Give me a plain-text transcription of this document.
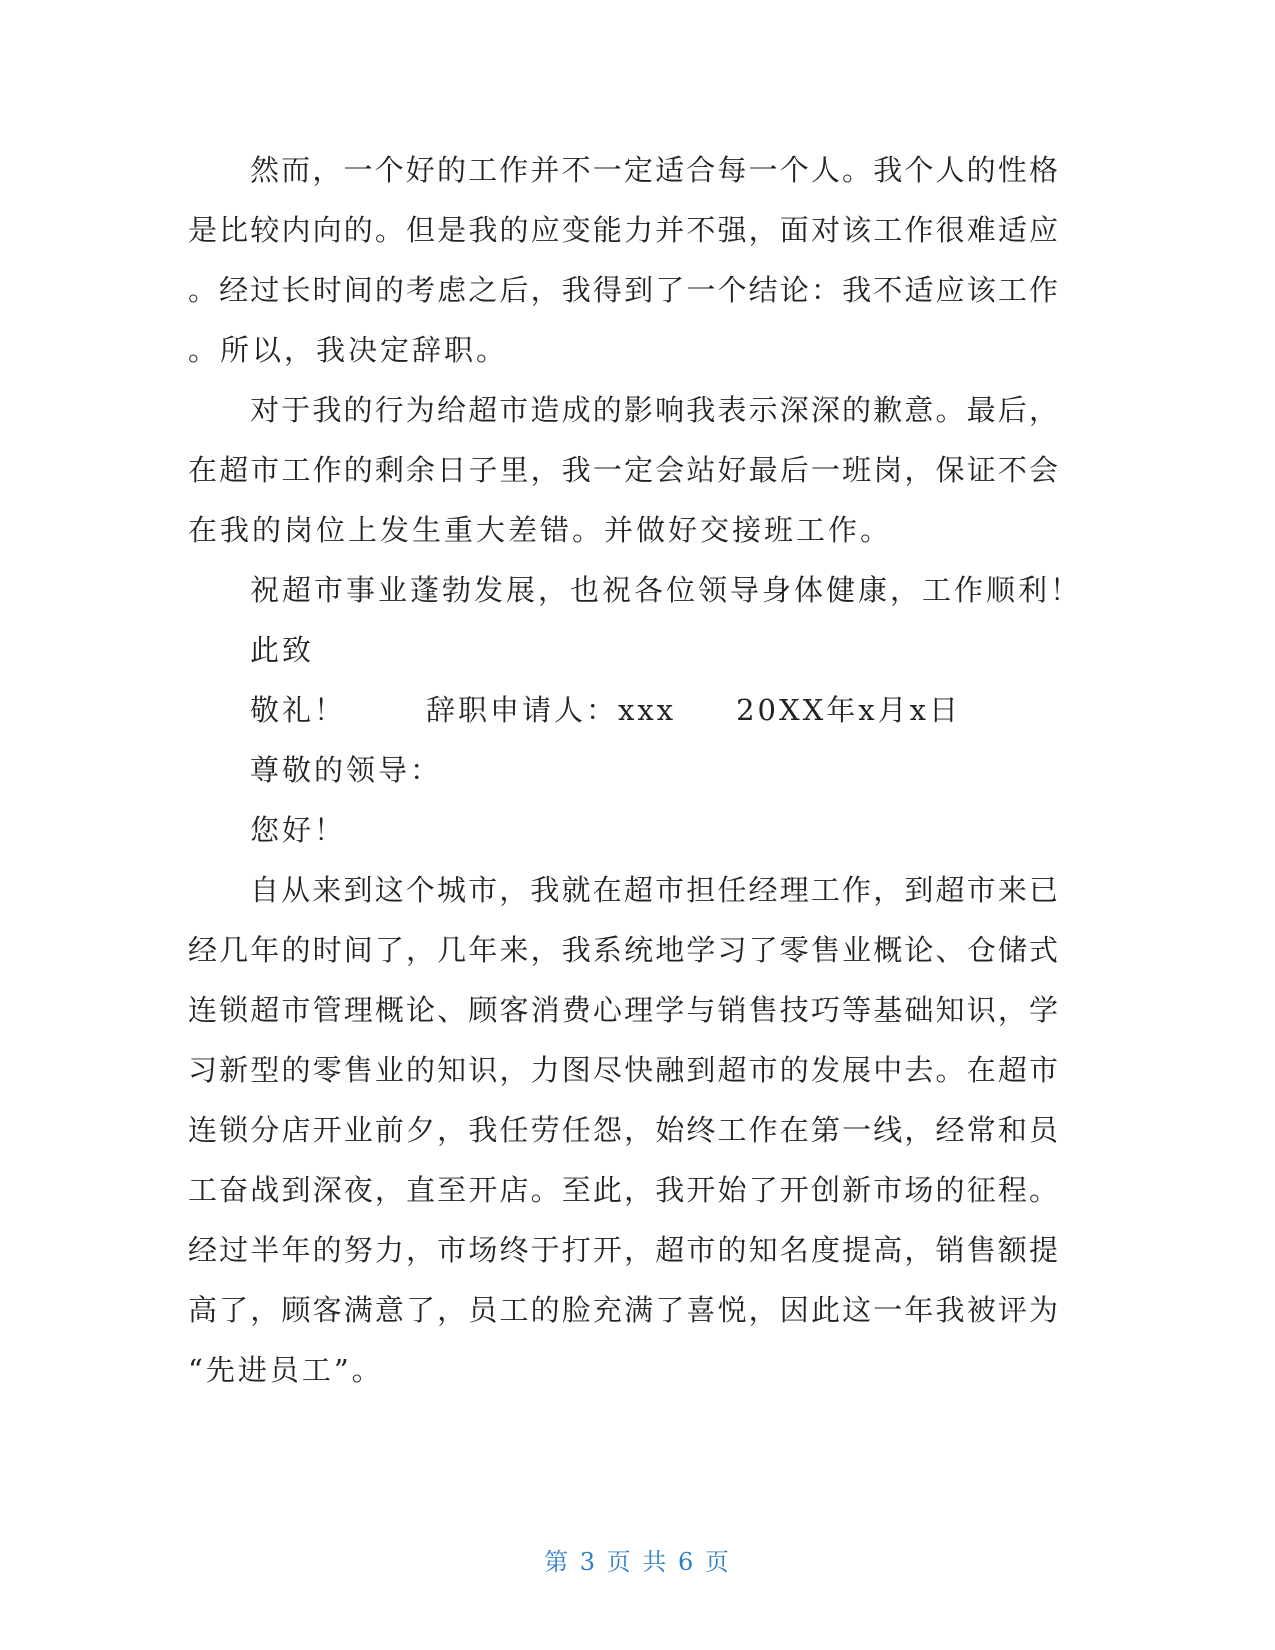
然而，一个好的工作并不一定适合每一个人。我个人的性格
是比较内向的。但是我的应变能力并不强，面对该工作很难适应
。经过长时间的考虑之后，我得到了一个结论：我不适应该工作
。所以，我决定辞职。
对于我的行为给超市造成的影响我表示深深的歉意。最后，
在超市工作的剩余日子里，我一定会站好最后一班岗，保证不会
在我的岗位上发生重大差错。并做好交接班工作。
祝超市事业蓬勃发展，也祝各位领导身体健康，工作顺利！
此致
敬礼！	辞职申请人：xxx 20XX年x月x日
尊敬的领导：
您好！
自从来到这个城市，我就在超市担任经理工作，到超市来已
经几年的时间了，几年来，我系统地学习了零售业概论、仓储式
连锁超市管理概论、顾客消费心理学与销售技巧等基础知识，学
习新型的零售业的知识，力图尽快融到超市的发展中去。在超市
连锁分店开业前夕，我任劳任怨，始终工作在第一线，经常和员
工奋战到深夜，直至开店。至此，我开始了开创新市场的征程。
经过半年的努力，市场终于打开，超市的知名度提高，销售额提
高了，顾客满意了，员工的脸充满了喜悦，因此这一年我被评为
“先进员工”。
第 3 页 共 6 页
